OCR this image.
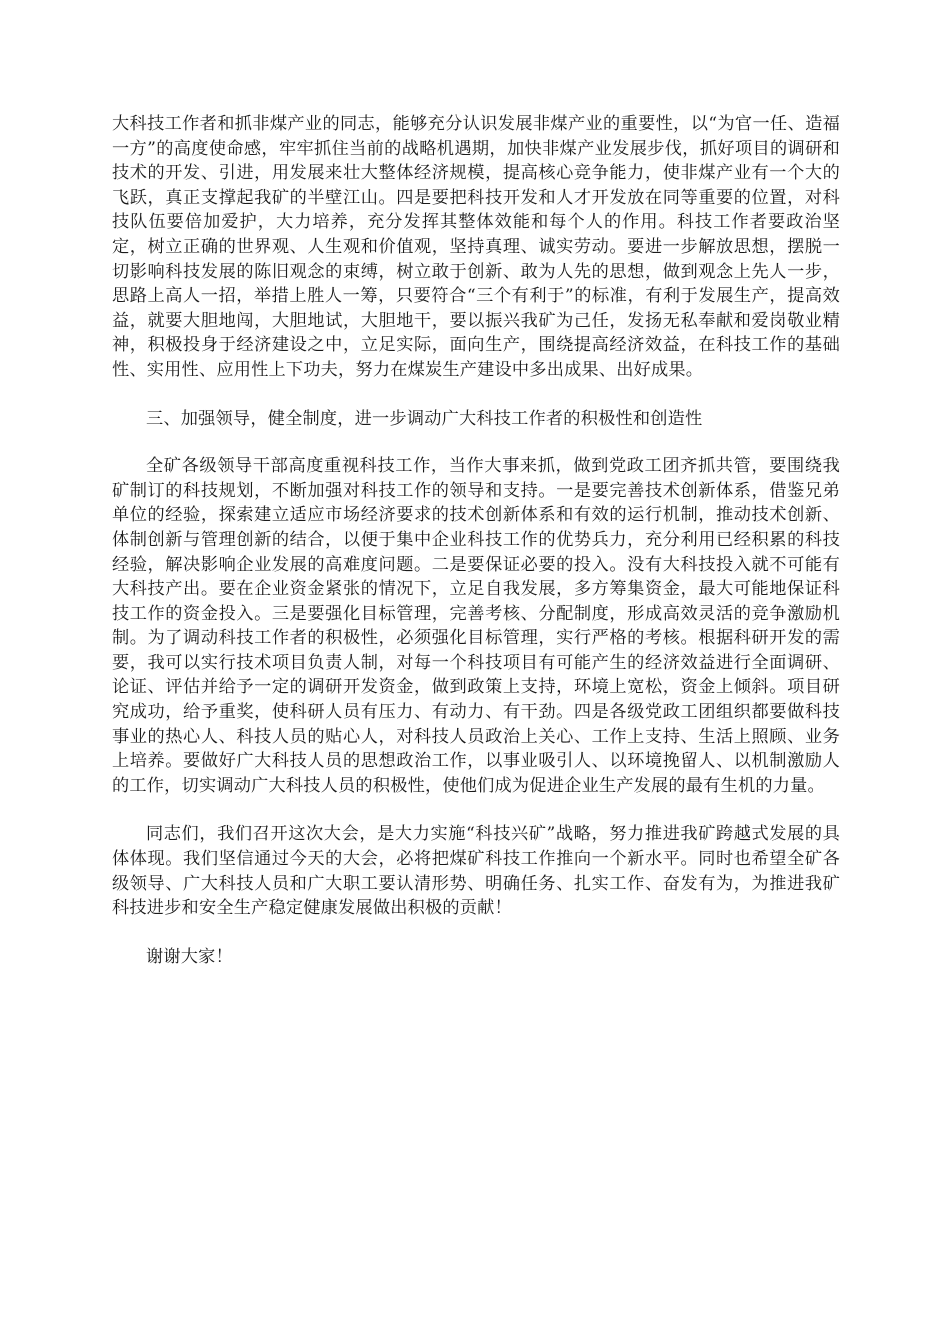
大科技工作者和抓非煤产业的同志，能够充分认识发展非煤产业的重要性，以“为官一任、造福一方”的高度使命感，牢牢抓住当前的战略机遇期，加快非煤产业发展步伐，抓好项目的调研和技术的开发、引进，用发展来壮大整体经济规模，提高核心竞争能力，使非煤产业有一个大的飞跃，真正支撑起我矿的半壁江山。四是要把科技开发和人才开发放在同等重要的位置，对科技队伍要倍加爱护，大力培养，充分发挥其整体效能和每个人的作用。科技工作者要政治坚定，树立正确的世界观、人生观和价值观，坚持真理、诚实劳动。要进一步解放思想，摆脱一切影响科技发展的陈旧观念的束缚，树立敢于创新、敢为人先的思想，做到观念上先人一步，思路上高人一招，举措上胜人一筹，只要符合“三个有利于”的标准，有利于发展生产，提高效益，就要大胆地闯，大胆地试，大胆地干，要以振兴我矿为己任，发扬无私奉献和爱岗敬业精神，积极投身于经济建设之中，立足实际，面向生产，围绕提高经济效益，在科技工作的基础性、实用性、应用性上下功夫，努力在煤炭生产建设中多出成果、出好成果。

三、加强领导，健全制度，进一步调动广大科技工作者的积极性和创造性

全矿各级领导干部高度重视科技工作，当作大事来抓，做到党政工团齐抓共管，要围绕我矿制订的科技规划，不断加强对科技工作的领导和支持。一是要完善技术创新体系，借鉴兄弟单位的经验，探索建立适应市场经济要求的技术创新体系和有效的运行机制，推动技术创新、体制创新与管理创新的结合，以便于集中企业科技工作的优势兵力，充分利用已经积累的科技经验，解决影响企业发展的高难度问题。二是要保证必要的投入。没有大科技投入就不可能有大科技产出。要在企业资金紧张的情况下，立足自我发展，多方筹集资金，最大可能地保证科技工作的资金投入。三是要强化目标管理，完善考核、分配制度，形成高效灵活的竞争激励机制。为了调动科技工作者的积极性，必须强化目标管理，实行严格的考核。根据科研开发的需要，我可以实行技术项目负责人制，对每一个科技项目有可能产生的经济效益进行全面调研、论证、评估并给予一定的调研开发资金，做到政策上支持，环境上宽松，资金上倾斜。项目研究成功，给予重奖，使科研人员有压力、有动力、有干劲。四是各级党政工团组织都要做科技事业的热心人、科技人员的贴心人，对科技人员政治上关心、工作上支持、生活上照顾、业务上培养。要做好广大科技人员的思想政治工作，以事业吸引人、以环境挽留人、以机制激励人的工作，切实调动广大科技人员的积极性，使他们成为促进企业生产发展的最有生机的力量。

同志们，我们召开这次大会，是大力实施“科技兴矿”战略，努力推进我矿跨越式发展的具体体现。我们坚信通过今天的大会，必将把煤矿科技工作推向一个新水平。同时也希望全矿各级领导、广大科技人员和广大职工要认清形势、明确任务、扎实工作、奋发有为，为推进我矿科技进步和安全生产稳定健康发展做出积极的贡献！

谢谢大家！
